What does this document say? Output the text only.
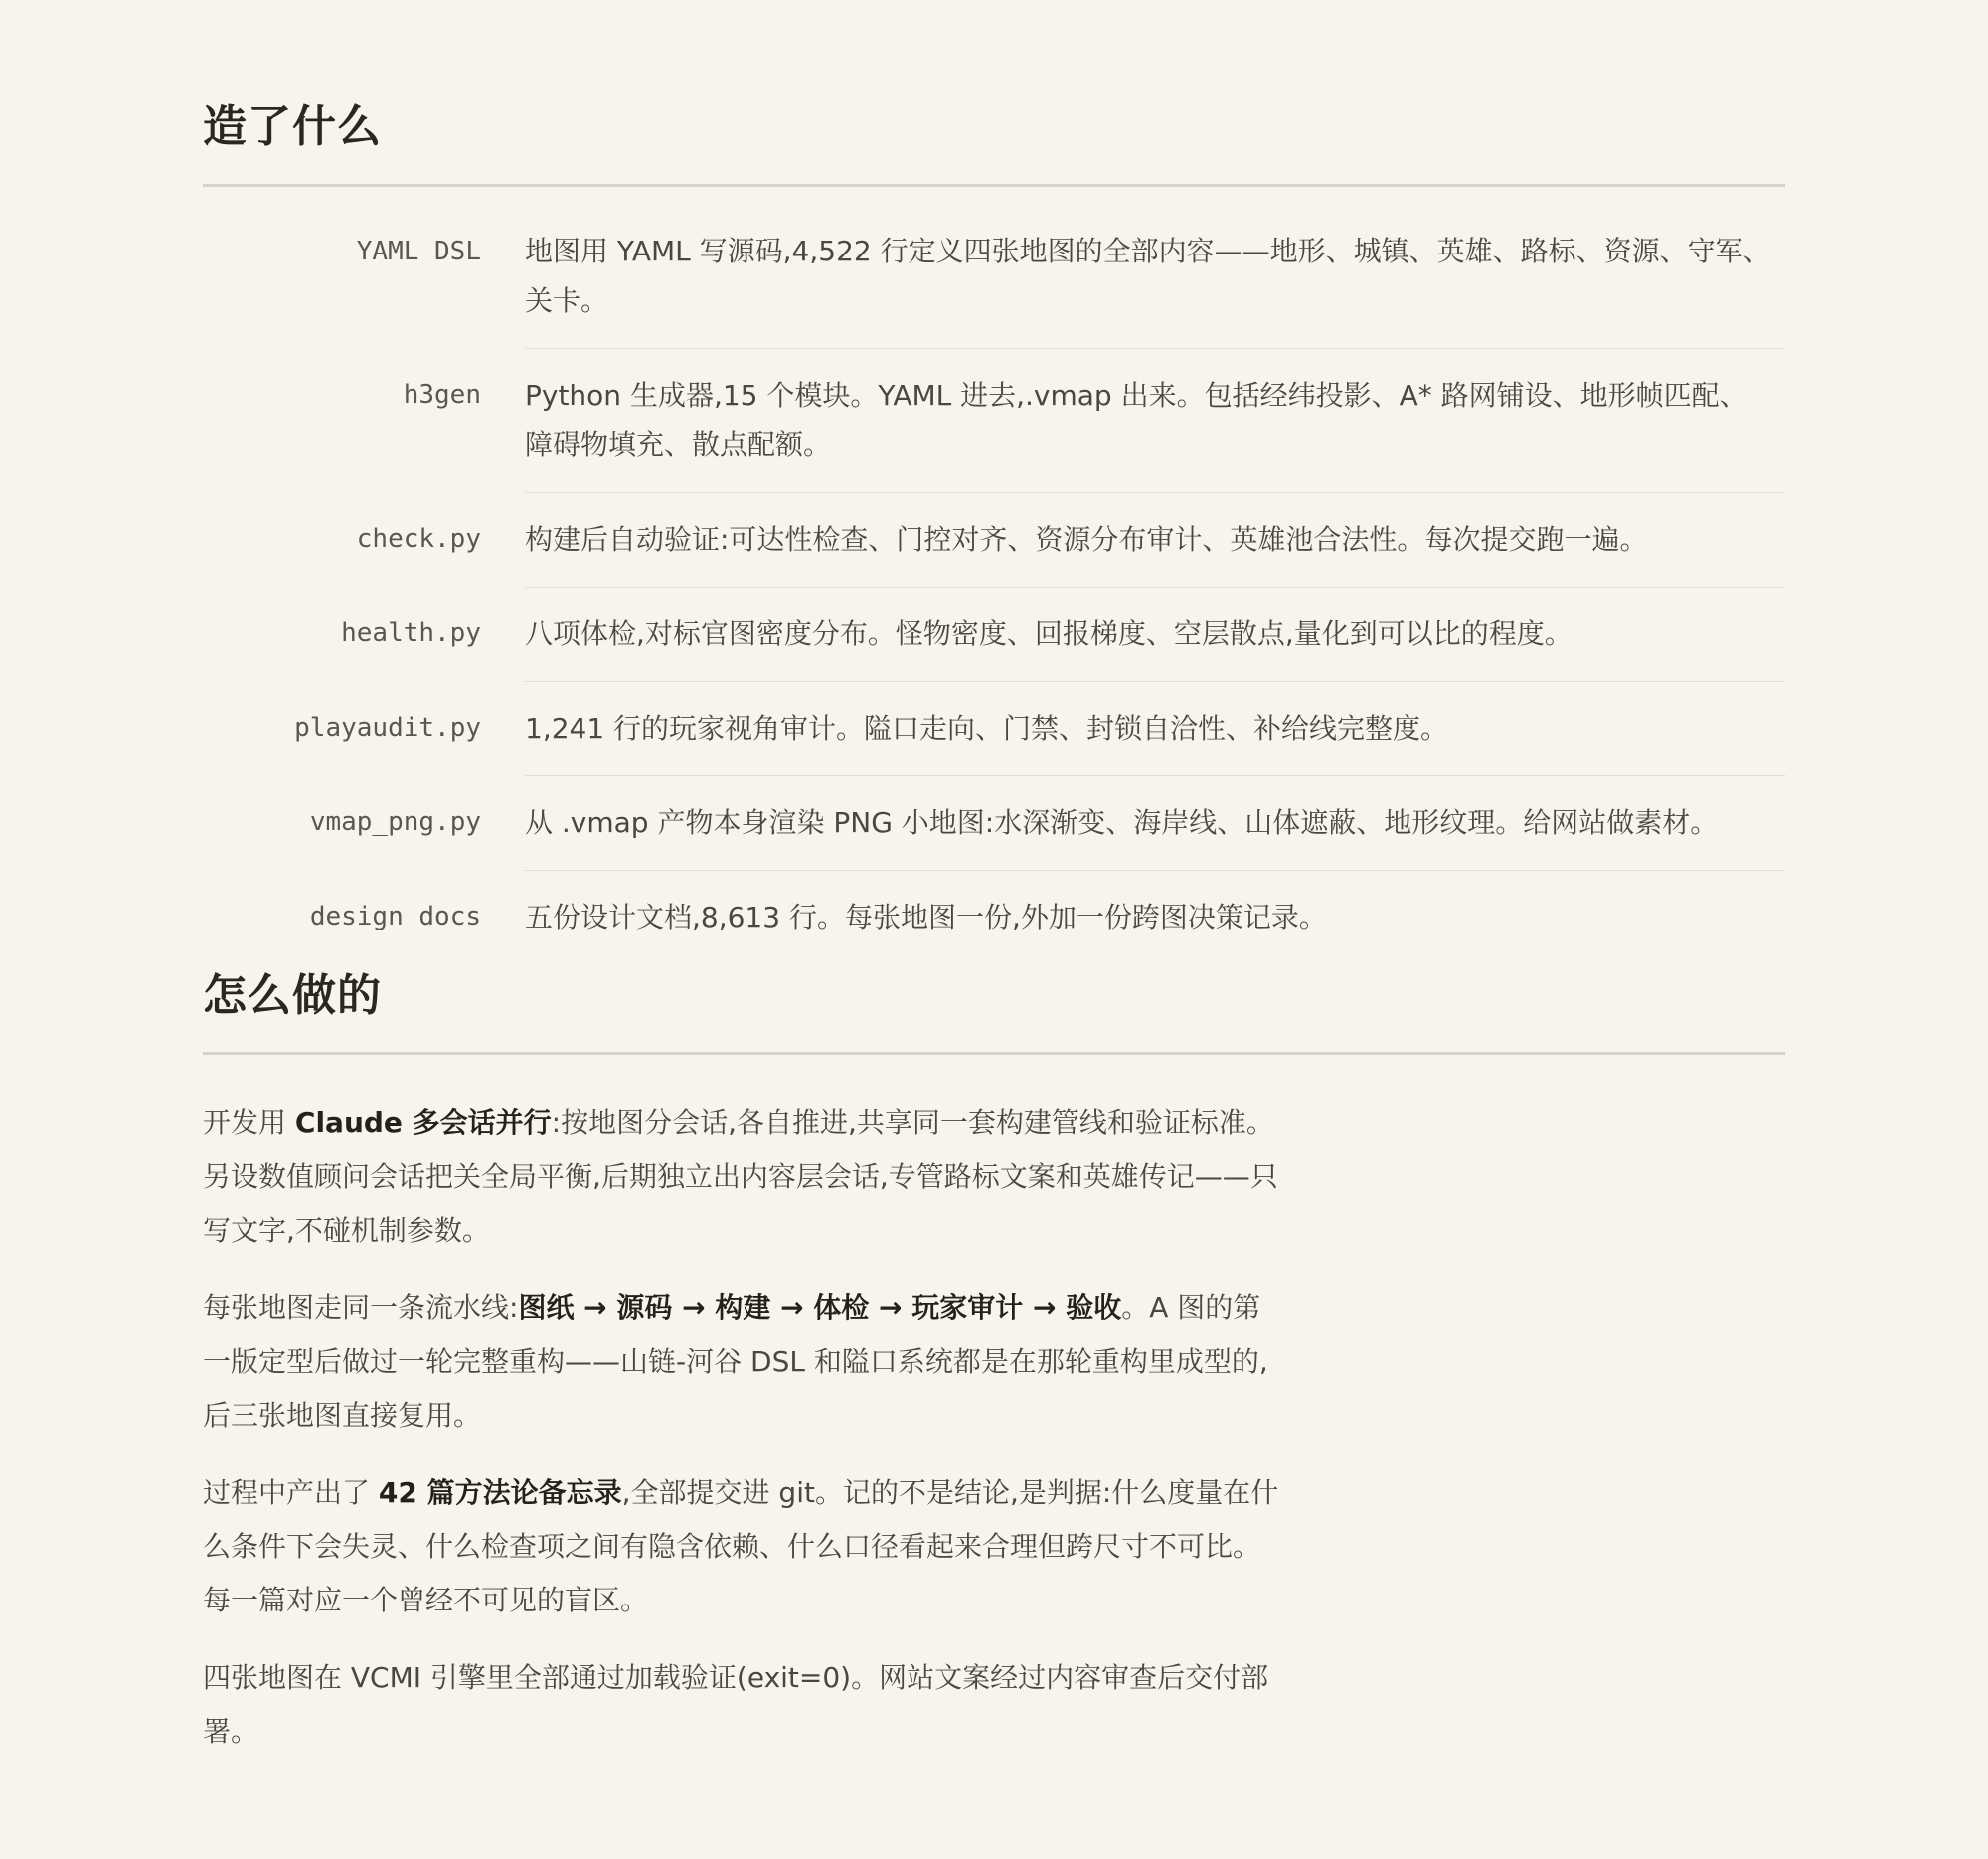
造了什么
YAML DSL 地图用 YAML 写源码,4,522 行定义四张地图的全部内容——地形、城镇、英雄、路标、资源、守军、关卡。
h3gen Python 生成器,15 个模块。YAML 进去,.vmap 出来。包括经纬投影、A* 路网铺设、地形帧匹配、障碍物填充、散点配额。
check.py 构建后自动验证:可达性检查、门控对齐、资源分布审计、英雄池合法性。每次提交跑一遍。
health.py 八项体检,对标官图密度分布。怪物密度、回报梯度、空层散点,量化到可以比的程度。
playaudit.py 1,241 行的玩家视角审计。隘口走向、门禁、封锁自洽性、补给线完整度。
vmap_png.py 从 .vmap 产物本身渲染 PNG 小地图:水深渐变、海岸线、山体遮蔽、地形纹理。给网站做素材。
design docs 五份设计文档,8,613 行。每张地图一份,外加一份跨图决策记录。
怎么做的

开发用 Claude 多会话并行:按地图分会话,各自推进,共享同一套构建管线和验证标准。另设数值顾问会话把关全局平衡,后期独立出内容层会话,专管路标文案和英雄传记——只写文字,不碰机制参数。

每张地图走同一条流水线:图纸 → 源码 → 构建 → 体检 → 玩家审计 → 验收。A 图的第一版定型后做过一轮完整重构——山链-河谷 DSL 和隘口系统都是在那轮重构里成型的,后三张地图直接复用。

过程中产出了 42 篇方法论备忘录,全部提交进 git。记的不是结论,是判据:什么度量在什么条件下会失灵、什么检查项之间有隐含依赖、什么口径看起来合理但跨尺寸不可比。每一篇对应一个曾经不可见的盲区。

四张地图在 VCMI 引擎里全部通过加载验证(exit=0)。网站文案经过内容审查后交付部署。
